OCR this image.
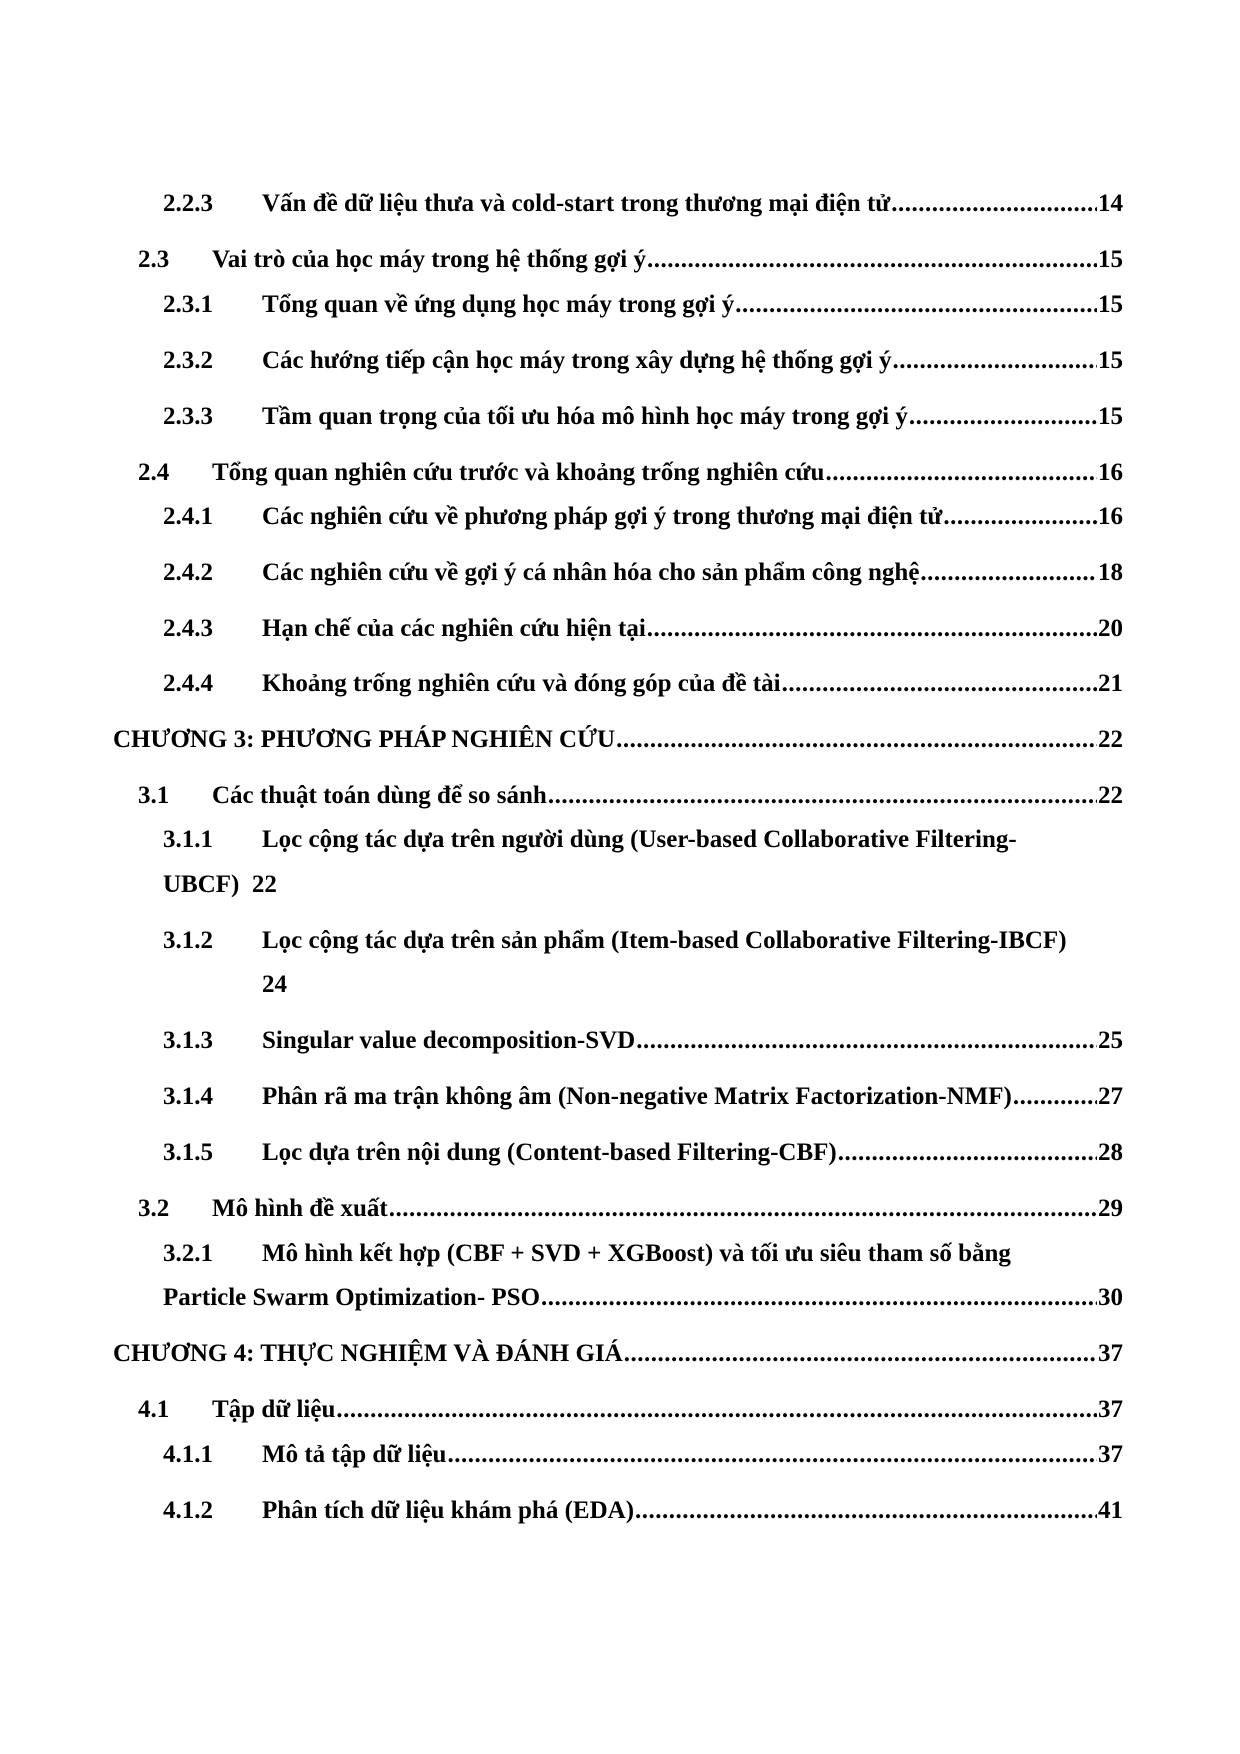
2.2.3 Vấn đề dữ liệu thưa và cold-start trong thương mại điện tử .....	14
2.3 Vai trò của học máy trong hệ thống gợi ý .....	15
2.3.1 Tổng quan về ứng dụng học máy trong gợi ý .....	15
2.3.2 Các hướng tiếp cận học máy trong xây dựng hệ thống gợi ý .....	15
2.3.3 Tầm quan trọng của tối ưu hóa mô hình học máy trong gợi ý .....	15
2.4 Tổng quan nghiên cứu trước và khoảng trống nghiên cứu .....	16
2.4.1 Các nghiên cứu về phương pháp gợi ý trong thương mại điện tử .....	16
2.4.2 Các nghiên cứu về gợi ý cá nhân hóa cho sản phẩm công nghệ .....	18
2.4.3 Hạn chế của các nghiên cứu hiện tại .....	20
2.4.4 Khoảng trống nghiên cứu và đóng góp của đề tài .....	21
CHƯƠNG 3: PHƯƠNG PHÁP NGHIÊN CỨU .....	22
3.1 Các thuật toán dùng để so sánh .....	22
3.1.1 Lọc cộng tác dựa trên người dùng (User-based Collaborative Filtering-
UBCF)  22
3.1.2 Lọc cộng tác dựa trên sản phẩm (Item-based Collaborative Filtering-IBCF)
24
3.1.3 Singular value decomposition-SVD .....	25
3.1.4 Phân rã ma trận không âm (Non-negative Matrix Factorization-NMF) .....	27
3.1.5 Lọc dựa trên nội dung (Content-based Filtering-CBF) .....	28
3.2 Mô hình đề xuất .....	29
3.2.1 Mô hình kết hợp (CBF + SVD + XGBoost) và tối ưu siêu tham số bằng
Particle Swarm Optimization- PSO .....	30
CHƯƠNG 4: THỰC NGHIỆM VÀ ĐÁNH GIÁ .....	37
4.1 Tập dữ liệu .....	37
4.1.1 Mô tả tập dữ liệu .....	37
4.1.2 Phân tích dữ liệu khám phá (EDA) .....	41
